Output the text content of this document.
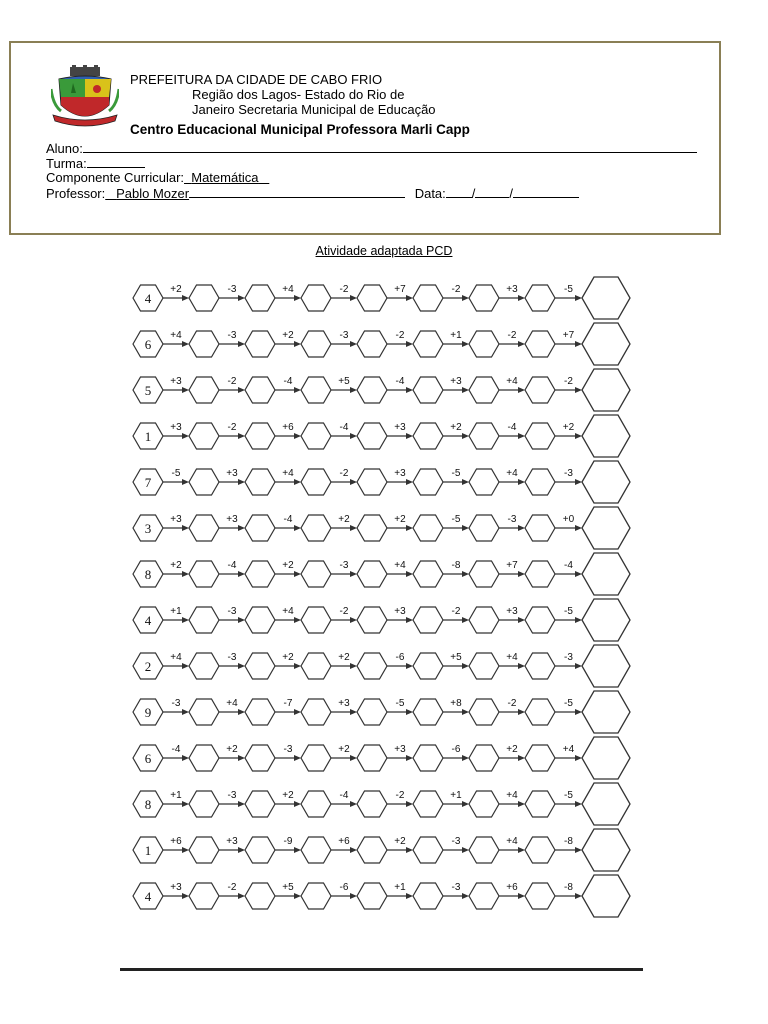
PREFEITURA DA CIDADE DE CABO FRIO
Região dos Lagos- Estado do Rio de
Janeiro Secretaria Municipal de Educação
Centro Educacional Municipal Professora Marli Capp
Aluno:
Turma:
Componente Curricular: Matemática
Professor: Pablo Mozer	Data: /	/
Atividade adaptada PCD
+2	-3	+4	-2	+7	-2	+3	-5
4
+4	-3	+2	-3	-2	+1	-2	+7
6
+3	-2	-4	+5	-4	+3	+4	-2
5
+3	-2	+6	-4	+3	+2	-4	+2
1
-5	+3	+4	-2	+3	-5	+4	-3
7
+3	+3	-4	+2	+2	-5	-3	+0
3
+2	-4	+2	-3	+4	-8	+7	-4
8
+1	-3	+4	-2	+3	-2	+3	-5
4
+4	-3	+2	+2	-6	+5	+4	-3
2
-3	+4	-7	+3	-5	+8	-2	-5
9
-4	+2	-3	+2	+3	-6	+2	+4
6
+1	-3	+2	-4	-2	+1	+4	-5
8
+6	+3	-9	+6	+2	-3	+4	-8
1
+3	-2	+5	-6	+1	-3	+6	-8
4
